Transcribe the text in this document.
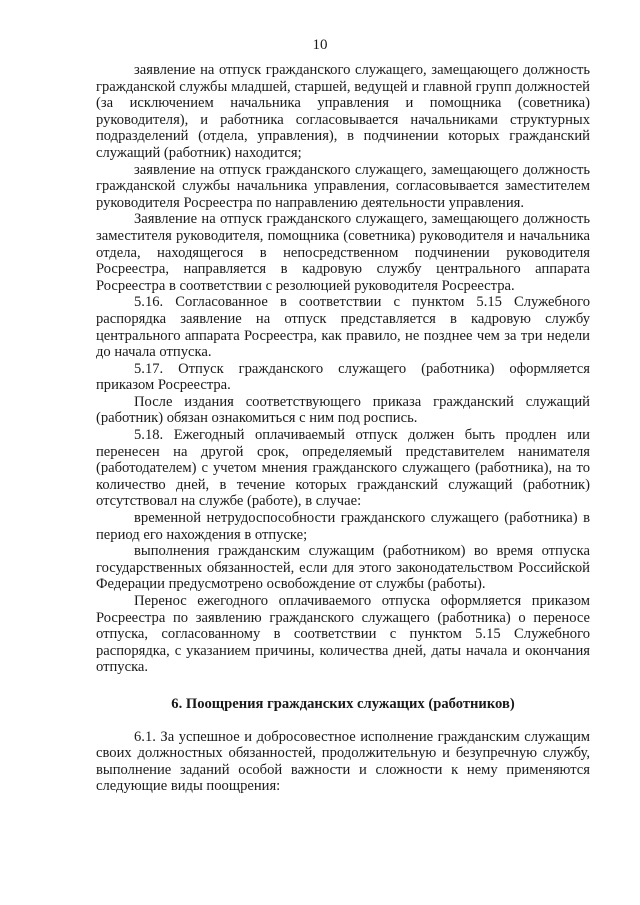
10

заявление на отпуск гражданского служащего, замещающего должность гражданской службы младшей, старшей, ведущей и главной групп должностей (за исключением начальника управления и помощника (советника) руководителя), и работника согласовывается начальниками структурных подразделений (отдела, управления), в подчинении которых гражданский служащий (работник) находится;

заявление на отпуск гражданского служащего, замещающего должность гражданской службы начальника управления, согласовывается заместителем руководителя Росреестра по направлению деятельности управления.

Заявление на отпуск гражданского служащего, замещающего должность заместителя руководителя, помощника (советника) руководителя и начальника отдела, находящегося в непосредственном подчинении руководителя Росреестра, направляется в кадровую службу центрального аппарата Росреестра в соответствии с резолюцией руководителя Росреестра.

5.16. Согласованное в соответствии с пунктом 5.15 Служебного распорядка заявление на отпуск представляется в кадровую службу центрального аппарата Росреестра, как правило, не позднее чем за три недели до начала отпуска.

5.17. Отпуск гражданского служащего (работника) оформляется приказом Росреестра.

После издания соответствующего приказа гражданский служащий (работник) обязан ознакомиться с ним под роспись.

5.18. Ежегодный оплачиваемый отпуск должен быть продлен или перенесен на другой срок, определяемый представителем нанимателя (работодателем) с учетом мнения гражданского служащего (работника), на то количество дней, в течение которых гражданский служащий (работник) отсутствовал на службе (работе), в случае:

временной нетрудоспособности гражданского служащего (работника) в период его нахождения в отпуске;

выполнения гражданским служащим (работником) во время отпуска государственных обязанностей, если для этого законодательством Российской Федерации предусмотрено освобождение от службы (работы).

Перенос ежегодного оплачиваемого отпуска оформляется приказом Росреестра по заявлению гражданского служащего (работника) о переносе отпуска, согласованному в соответствии с пунктом 5.15 Служебного распорядка, с указанием причины, количества дней, даты начала и окончания отпуска.

6. Поощрения гражданских служащих (работников)

6.1. За успешное и добросовестное исполнение гражданским служащим своих должностных обязанностей, продолжительную и безупречную службу, выполнение заданий особой важности и сложности к нему применяются следующие виды поощрения:
